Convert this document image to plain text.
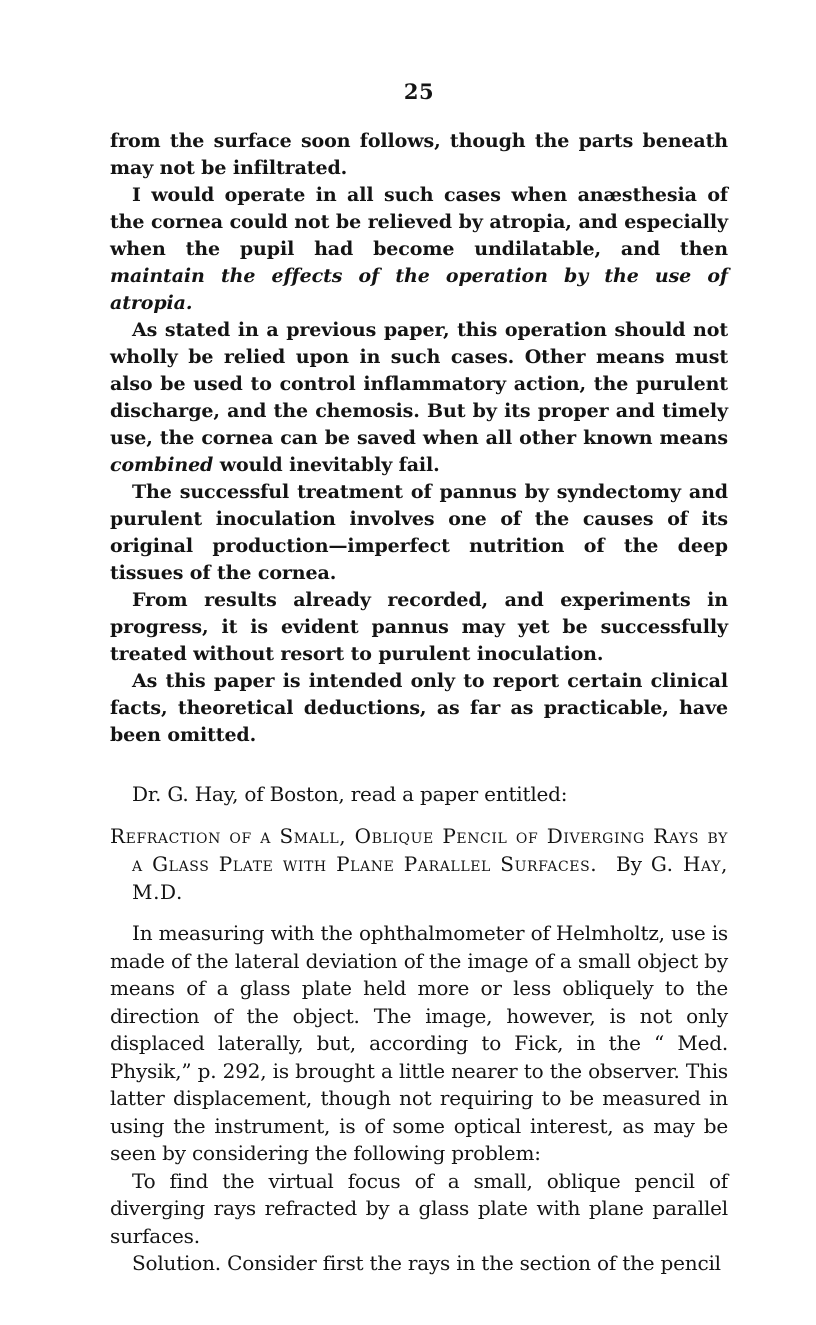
25

from the surface soon follows, though the parts beneath may not be infiltrated.

I would operate in all such cases when anæsthesia of the cornea could not be relieved by atropia, and especially when the pupil had become undilatable, and then maintain the effects of the operation by the use of atropia.

As stated in a previous paper, this operation should not wholly be relied upon in such cases. Other means must also be used to control inflammatory action, the purulent discharge, and the chemosis. But by its proper and timely use, the cornea can be saved when all other known means combined would inevitably fail.

The successful treatment of pannus by syndectomy and purulent inoculation involves one of the causes of its original production—imperfect nutrition of the deep tissues of the cornea.

From results already recorded, and experiments in progress, it is evident pannus may yet be successfully treated without resort to purulent inoculation.

As this paper is intended only to report certain clinical facts, theoretical deductions, as far as practicable, have been omitted.

Dr. G. Hay, of Boston, read a paper entitled:
Refraction of a Small, Oblique Pencil of Diverging Rays by a Glass Plate with Plane Parallel Surfaces. By G. Hay, M.D.

In measuring with the ophthalmometer of Helmholtz, use is made of the lateral deviation of the image of a small object by means of a glass plate held more or less obliquely to the direction of the object. The image, however, is not only displaced laterally, but, according to Fick, in the “ Med. Physik,” p. 292, is brought a little nearer to the observer. This latter displacement, though not requiring to be measured in using the instrument, is of some optical interest, as may be seen by considering the following problem:

To find the virtual focus of a small, oblique pencil of diverging rays refracted by a glass plate with plane parallel surfaces.

Solution. Consider first the rays in the section of the pencil
